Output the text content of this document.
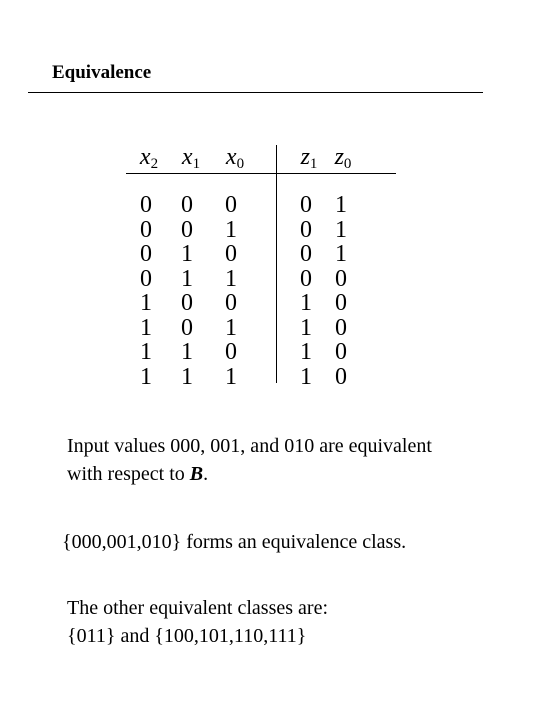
Equivalence
$x_2$ $x_1$ $x_0$ $z_1$ $z_0$
0	0	0	0 1
0	0	1	0 1
0	1	0	0 1
0	1	1	0 0
1	0	0	1 0
1	0	1	1 0
1	1	0	1 0
1	1	1	1 0

Input values 000, 001, and 010 are equivalent
with respect to B.

{000,001,010} forms an equivalence class.

The other equivalent classes are:
{011} and {100,101,110,111}
